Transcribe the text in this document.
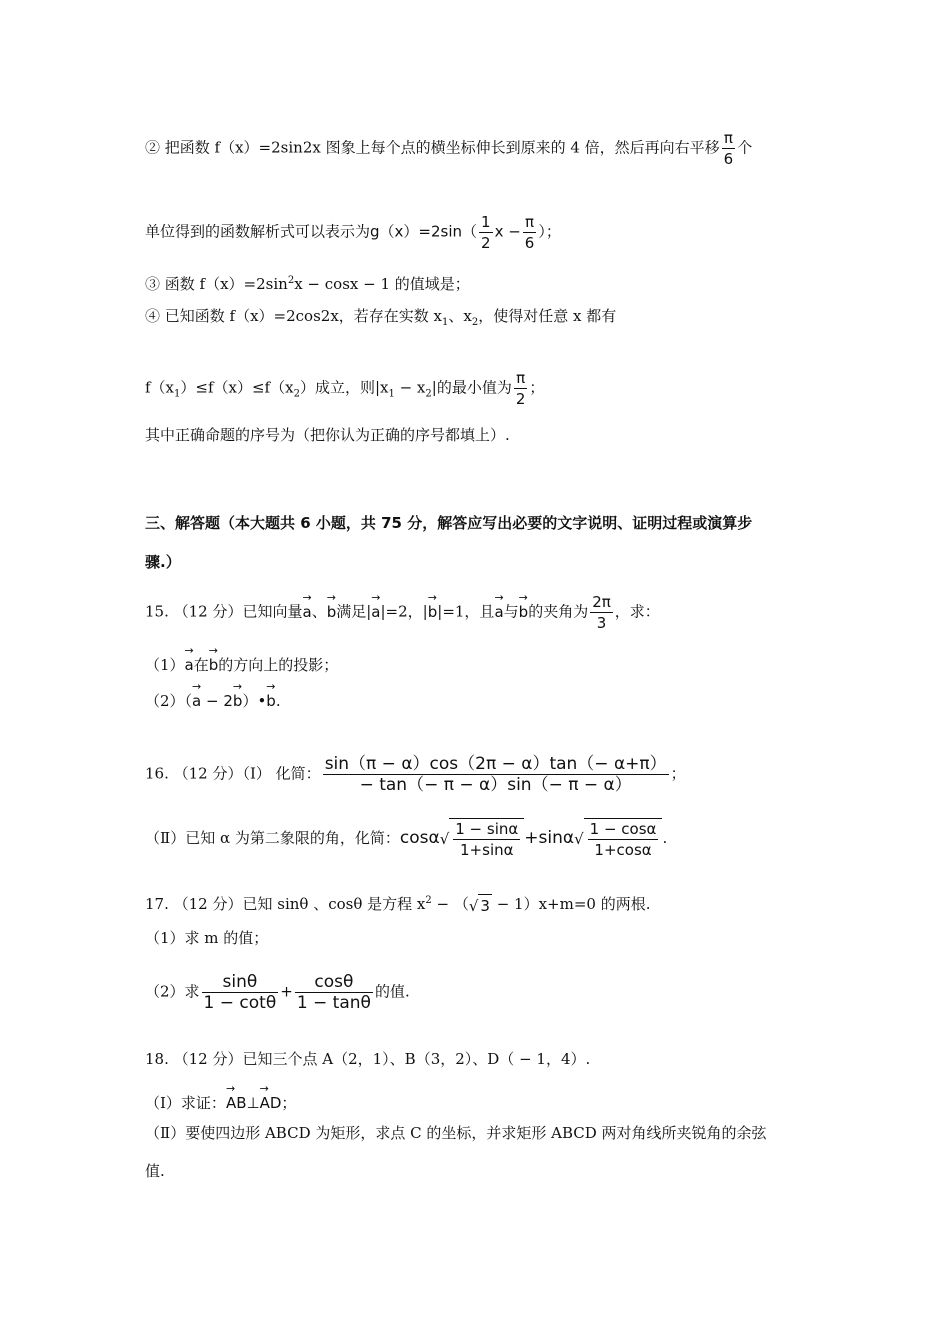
② 把函数 f（x）=2sin2x 图象上每个点的横坐标伸长到原来的 4 倍，然后再向右平移 $\frac{\pi}{6}$ 个
单位得到的函数解析式可以表示为$g(x)=2\sin( \frac{1}{2}$ $x - \frac{\pi}{6}$ ）；
③ 函数 $f(x)=2\sin^2x - \cos x - 1$ 的值域是；
④ 已知函数 f（x）=2cos2x，若存在实数 $x_1$、$x_2$，使得对任意 x 都有
$f(x_1)\le f(x)\le f(x_2)$成立，则$|x_1 - x_2|$的最小值为 $\frac{\pi}{2}$ ；
其中正确命题的序号为（把你认为正确的序号都填上）.
三、解答题（本大题共 6 小题，共 75 分，解答应写出必要的文字说明、证明过程或演算步
骤.）
15. （12 分）已知向量→ a、→ b满足|→ a|=2，|→ b|=1，且→ a与→ b的夹角为 $\frac{2\pi}{3}$ ，求：
（1）→ a在→ b的方向上的投影；
（2）（→ a − 2→ b）•→ b.
16. （12 分）（Ⅰ） 化简： $\frac{\sin(\pi - \alpha)\cos(2\pi - \alpha)\tan(- \alpha+\pi)}{- \tan(- \pi - \alpha)\sin(- \pi - \alpha)}$ ；
（Ⅱ）已知 α 为第二象限的角，化简：$\cos\alpha√ \frac{1 - \sin\alpha}{1+\sin\alpha} +\sin\alpha√ \frac{1 - \cos\alpha}{1+\cos\alpha}$ .
17. （12 分）已知 sinθ 、cosθ 是方程 $x^2$ − （√ 3 − 1）x+m=0 的两根.
（1）求 m 的值；
（2）求 $\frac{\sin\theta}{1 - \cot\theta} + \frac{\cos\theta}{1 - \tan\theta}$ 的值.
18. （12 分）已知三个点 A（2，1）、B（3，2）、D（ − 1，4）.
（Ⅰ）求证：→ AB⊥→ AD；
（Ⅱ）要使四边形 ABCD 为矩形，求点 C 的坐标，并求矩形 ABCD 两对角线所夹锐角的余弦
值.
